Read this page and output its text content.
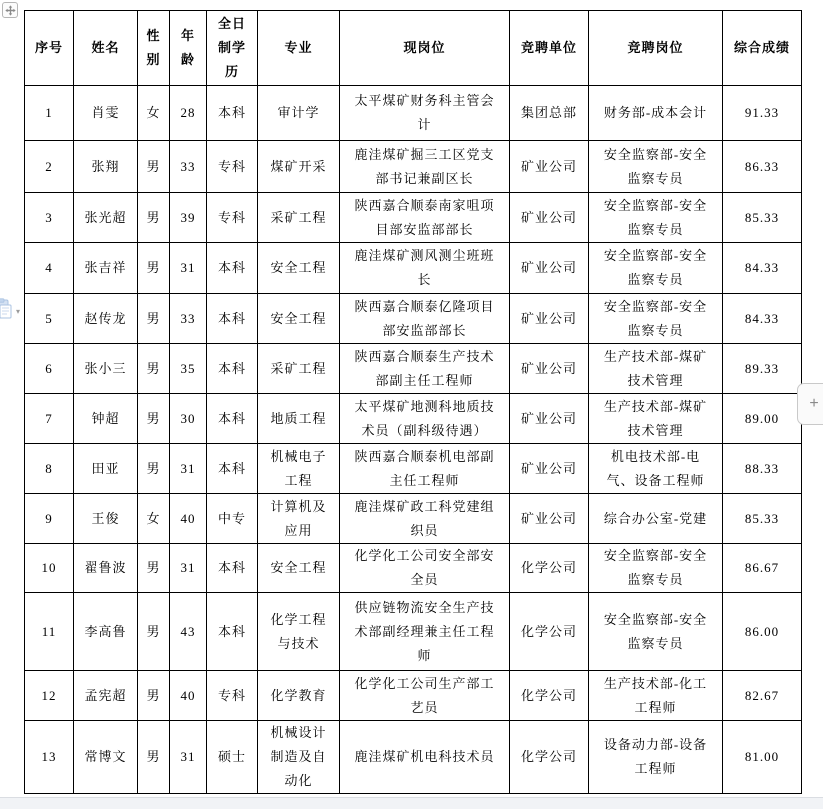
▾
序号	姓名	性别	年龄	全日制学历	专业	现岗位	竞聘单位	竞聘岗位	综合成绩
1	肖雯	女	28	本科	审计学	太平煤矿财务科主管会计	集团总部	财务部-成本会计	91.33
2	张翔	男	33	专科	煤矿开采	鹿洼煤矿掘三工区党支部书记兼副区长	矿业公司	安全监察部-安全监察专员	86.33
3	张光超	男	39	专科	采矿工程	陕西嘉合顺泰南家咀项目部安监部部长	矿业公司	安全监察部-安全监察专员	85.33
4	张吉祥	男	31	本科	安全工程	鹿洼煤矿测风测尘班班长	矿业公司	安全监察部-安全监察专员	84.33
5	赵传龙	男	33	本科	安全工程	陕西嘉合顺泰亿隆项目部安监部部长	矿业公司	安全监察部-安全监察专员	84.33
6	张小三	男	35	本科	采矿工程	陕西嘉合顺泰生产技术部副主任工程师	矿业公司	生产技术部-煤矿技术管理	89.33
7	钟超	男	30	本科	地质工程	太平煤矿地测科地质技术员（副科级待遇）	矿业公司	生产技术部-煤矿技术管理	89.00
8	田亚	男	31	本科	机械电子工程	陕西嘉合顺泰机电部副主任工程师	矿业公司	机电技术部-电气、设备工程师	88.33
9	王俊	女	40	中专	计算机及应用	鹿洼煤矿政工科党建组织员	矿业公司	综合办公室-党建	85.33
10	翟鲁波	男	31	本科	安全工程	化学化工公司安全部安全员	化学公司	安全监察部-安全监察专员	86.67
11	李高鲁	男	43	本科	化学工程与技术	供应链物流安全生产技术部副经理兼主任工程师	化学公司	安全监察部-安全监察专员	86.00
12	孟宪超	男	40	专科	化学教育	化学化工公司生产部工艺员	化学公司	生产技术部-化工工程师	82.67
13	常博文	男	31	硕士	机械设计制造及自动化	鹿洼煤矿机电科技术员	化学公司	设备动力部-设备工程师	81.00
+
